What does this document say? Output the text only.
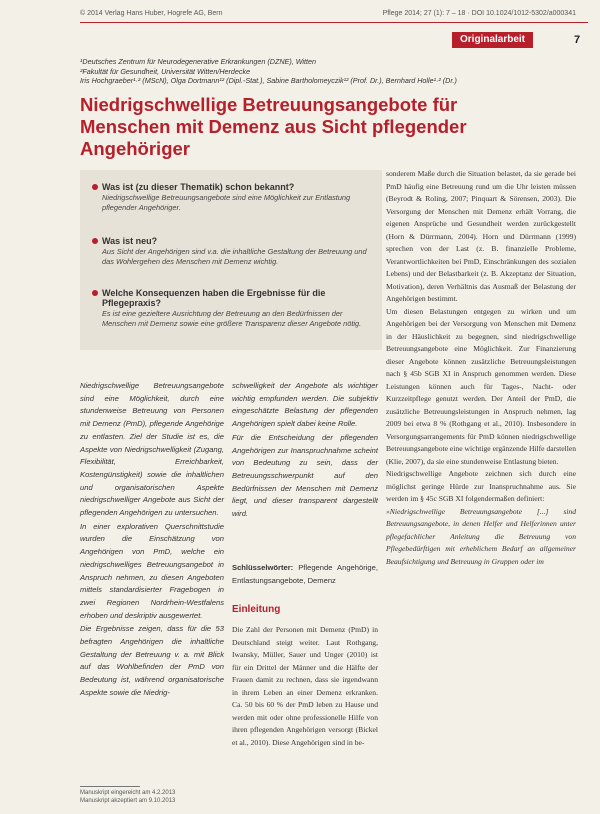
© 2014 Verlag Hans Huber, Hogrefe AG, Bern	Pflege 2014; 27 (1): 7 – 18 · DOI 10.1024/1012-5302/a000341
Originalarbeit	7
¹Deutsches Zentrum für Neurodegenerative Erkrankungen (DZNE), Witten
²Fakultät für Gesundheit, Universität Witten/Herdecke
Iris Hochgraeber¹·² (MScN), Olga Dortmann¹² (Dipl.-Stat.), Sabine Bartholomeyczik¹² (Prof. Dr.), Bernhard Holle¹·² (Dr.)
Niedrigschwellige Betreuungsangebote für Menschen mit Demenz aus Sicht pflegender Angehöriger
Was ist (zu dieser Thematik) schon bekannt?
Niedrigschwellige Betreuungsangebote sind eine Möglichkeit zur Entlastung pflegender Angehöriger.
Was ist neu?
Aus Sicht der Angehörigen sind v.a. die inhaltliche Gestaltung der Betreuung und das Wohlergehen des Menschen mit Demenz wichtig.
Welche Konsequenzen haben die Ergebnisse für die Pflegepraxis?
Es ist eine gezieltere Ausrichtung der Betreuung an den Bedürfnissen der Menschen mit Demenz sowie eine größere Transparenz dieser Angebote nötig.

Niedrigschwellige Betreuungsangebote sind eine Möglichkeit, durch eine stundenweise Betreuung von Personen mit Demenz (PmD), pflegende Angehörige zu entlasten. Ziel der Studie ist es, die Aspekte von Niedrigschwelligkeit (Zugang, Flexibilität, Erreichbarkeit, Kostengünstigkeit) sowie die inhaltlichen und organisatorischen Aspekte niedrigschwelliger Angebote aus Sicht der pflegenden Angehörigen zu untersuchen.

In einer explorativen Querschnittstudie wurden die Einschätzung von Angehörigen von PmD, welche ein niedrigschwelliges Betreuungsangebot in Anspruch nehmen, zu diesen Angeboten mittels standardisierter Fragebogen in zwei Regionen Nordrhein-Westfalens erhoben und deskriptiv ausgewertet.

Die Ergebnisse zeigen, dass für die 53 befragten Angehörigen die inhaltliche Gestaltung der Betreuung v. a. mit Blick auf das Wohlbefinden der PmD von Bedeutung ist, während organisatorische Aspekte sowie die Niedrig-

schwelligkeit der Angebote als wichtiger wichtig empfunden werden. Die subjektiv eingeschätzte Belastung der pflegenden Angehörigen spielt dabei keine Rolle.

Für die Entscheidung der pflegenden Angehörigen zur Inanspruchnahme scheint von Bedeutung zu sein, dass der Betreuungsschwerpunkt auf den Bedürfnissen der Menschen mit Demenz liegt, und dieser transparent dargestellt wird.

Schlüsselwörter: Pflegende Angehörige, Entlastungsangebote, Demenz
Einleitung

Die Zahl der Personen mit Demenz (PmD) in Deutschland steigt weiter. Laut Rothgang, Iwansky, Müller, Sauer und Unger (2010) ist für ein Drittel der Männer und die Hälfte der Frauen damit zu rechnen, dass sie irgendwann in ihrem Leben an einer Demenz erkranken. Ca. 50 bis 60 % der PmD leben zu Hause und werden mit oder ohne professionelle Hilfe von ihren pflegenden Angehörigen versorgt (Bickel et al., 2010). Diese Angehörigen sind in be-

sonderem Maße durch die Situation belastet, da sie gerade bei PmD häufig eine Betreuung rund um die Uhr leisten müssen (Beyrodt & Roling, 2007; Pinquart & Sörensen, 2003). Die Versorgung der Menschen mit Demenz erhält Vorrang, die eigenen Ansprüche und Gesundheit werden zurückgestellt (Horn & Dürrmann, 2004). Horn und Dürrmann (1999) sprechen von der Last (z. B. finanzielle Probleme, Verantwortlichkeiten bei PmD, Einschränkungen des sozialen Lebens) und der Belastbarkeit (z. B. Akzeptanz der Situation, Motivation), deren Verhältnis das Ausmaß der Belastung der Angehörigen bestimmt.

Um diesen Belastungen entgegen zu wirken und um Angehörigen bei der Versorgung von Menschen mit Demenz in der Häuslichkeit zu begegnen, sind niedrigschwellige Betreuungsangebote eine Möglichkeit. Zur Finanzierung dieser Angebote können zusätzliche Betreuungsleistungen nach § 45b SGB XI in Anspruch genommen werden. Diese Leistungen können auch für Tages-, Nacht- oder Kurzzeitpflege genutzt werden. Der Anteil der PmD, die zusätzliche Betreuungsleistungen in Anspruch nehmen, lag 2009 bei etwa 8 % (Rothgang et al., 2010). Insbesondere in Versorgungsarrangements für PmD können niedrigschwellige Betreuungsangebote eine wichtige ergänzende Hilfe darstellen (Klie, 2007), da sie eine stundenweise Entlastung bieten.

Niedrigschwellige Angebote zeichnen sich durch eine möglichst geringe Hürde zur Inanspruchnahme aus. Sie werden im § 45c SGB XI folgendermaßen definiert:

»Niedrigschwellige Betreuungsangebote [...] sind Betreuungsangebote, in denen Helfer und Helferinnen unter pflegefachlicher Anleitung die Betreuung von Pflegebedürftigen mit erheblichem Bedarf an allgemeiner Beaufsichtigung und Betreuung in Gruppen oder im

Manuskript eingereicht am 4.2.2013
Manuskript akzeptiert am 9.10.2013
